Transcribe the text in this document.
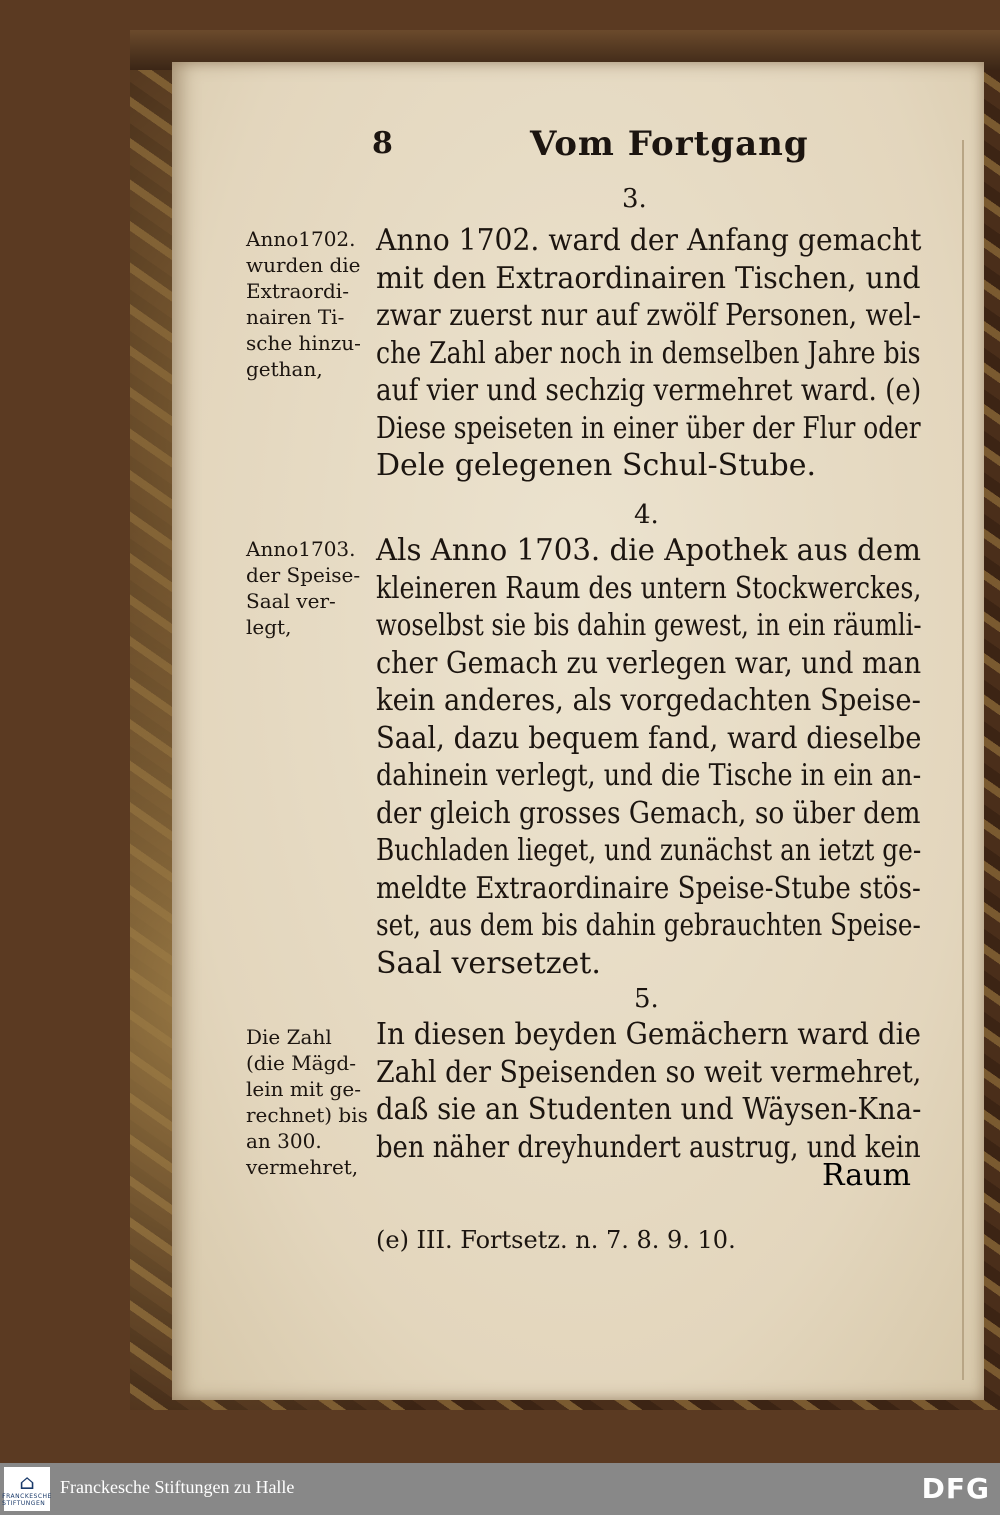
8	Vom Fortgang
3.
Anno1702.
wurden die
Extraordi-
nairen Ti-
sche hinzu-
gethan,
Anno 1702. ward der Anfang gemacht mit den Extraordinairen Tischen, und zwar zuerst nur auf zwölf Personen, wel- che Zahl aber noch in demselben Jahre bis auf vier und sechzig vermehret ward. (e) Diese speiseten in einer über der Flur oder
Dele gelegenen Schul-Stube.
4.
Anno1703.
der Speise-
Saal ver-
legt,
Als Anno 1703. die Apothek aus dem kleineren Raum des untern Stockwerckes, woselbst sie bis dahin gewest, in ein räumli- cher Gemach zu verlegen war, und man kein anderes, als vorgedachten Speise- Saal, dazu bequem fand, ward dieselbe dahinein verlegt, und die Tische in ein an- der gleich grosses Gemach, so über dem Buchladen lieget, und zunächst an ietzt ge- meldte Extraordinaire Speise-Stube stös- set, aus dem bis dahin gebrauchten Speise-
Saal versetzet.
5.
Die Zahl
(die Mägd-
lein mit ge-
rechnet) bis
an 300.
vermehret,
In diesen beyden Gemächern ward die Zahl der Speisenden so weit vermehret, daß sie an Studenten und Wäysen-Kna- ben näher dreyhundert austrug, und kein
Raum
(e) III. Fortsetz. n. 7. 8. 9. 10.
⌂
FRANCKESCHE STIFTUNGEN
Franckesche Stiftungen zu Halle	DFG
